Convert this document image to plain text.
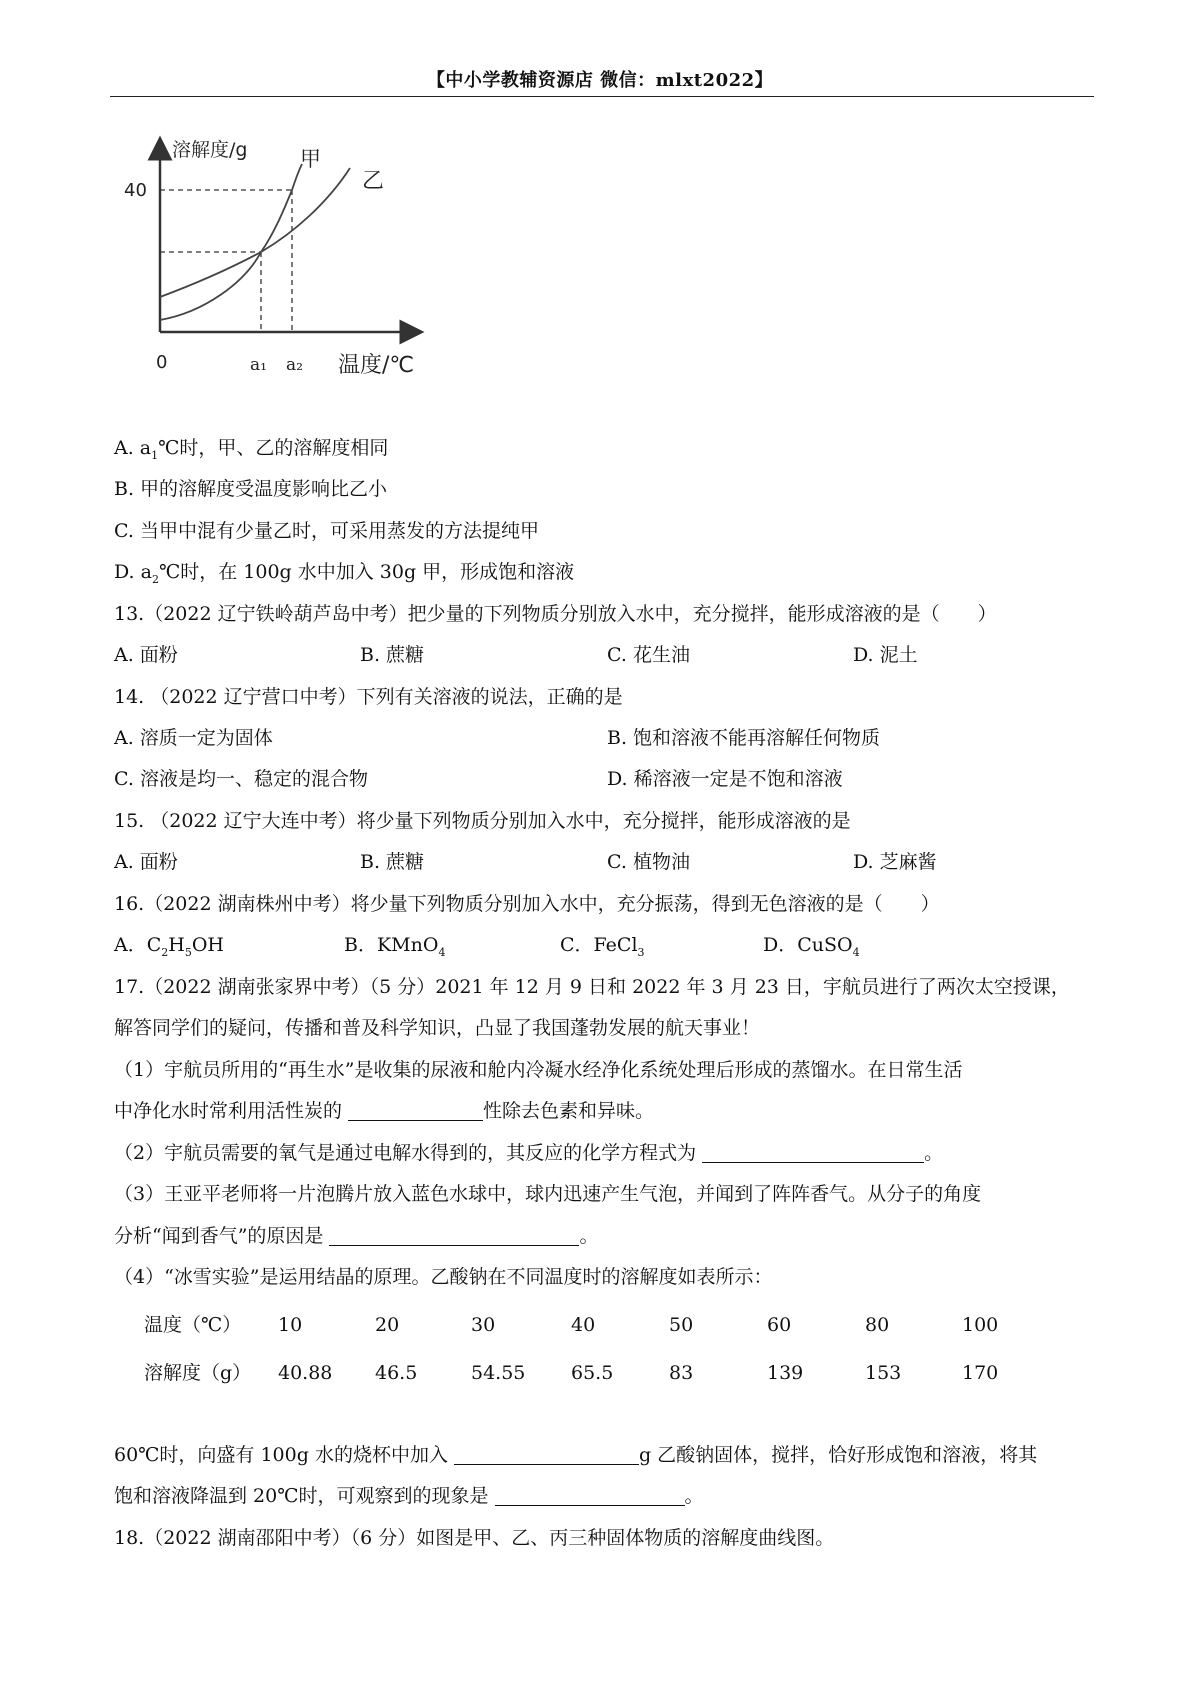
【中小学教辅资源店 微信：mlxt2022】
溶解度/g
40
0	a₁ a₂ 温度/℃
甲
乙
A. $a_1℃$时，甲、乙的溶解度相同
B. 甲的溶解度受温度影响比乙小
C. 当甲中混有少量乙时，可采用蒸发的方法提纯甲
D. $a_2℃$时，在 100g 水中加入 30g 甲，形成饱和溶液
13.（2022 辽宁铁岭葫芦岛中考）把少量的下列物质分别放入水中，充分搅拌，能形成溶液的是（　　）
A. 面粉	B. 蔗糖	C. 花生油	D. 泥土
14. （2022 辽宁营口中考）下列有关溶液的说法，正确的是
A. 溶质一定为固体	B. 饱和溶液不能再溶解任何物质
C. 溶液是均一、稳定的混合物	D. 稀溶液一定是不饱和溶液
15. （2022 辽宁大连中考）将少量下列物质分别加入水中，充分搅拌，能形成溶液的是
A. 面粉	B. 蔗糖	C. 植物油	D. 芝麻酱
16.（2022 湖南株州中考）将少量下列物质分别加入水中，充分振荡，得到无色溶液的是（　　）
A．$C_2H_5OH$	B．KMnO$_4$	C．FeCl$_3$	D．CuSO$_4$
17.（2022 湖南张家界中考）（5 分）2021 年 12 月 9 日和 2022 年 3 月 23 日，宇航员进行了两次太空授课，
解答同学们的疑问，传播和普及科学知识，凸显了我国蓬勃发展的航天事业！
（1）宇航员所用的“再生水”是收集的尿液和舱内冷凝水经净化系统处理后形成的蒸馏水。在日常生活
中净化水时常利用活性炭的	性除去色素和异味。
（2）宇航员需要的氧气是通过电解水得到的，其反应的化学方程式为	。
（3）王亚平老师将一片泡腾片放入蓝色水球中，球内迅速产生气泡，并闻到了阵阵香气。从分子的角度
分析“闻到香气”的原因是	。
（4）“冰雪实验”是运用结晶的原理。乙酸钠在不同温度时的溶解度如表所示：
温度（℃） 10	20	30	40	50	60	80	100
溶解度（g） 40.88 46.5	54.55 65.5	83	139	153	170
60℃时，向盛有 100g 水的烧杯中加入	g 乙酸钠固体，搅拌，恰好形成饱和溶液，将其
饱和溶液降温到 20℃时，可观察到的现象是	。
18.（2022 湖南邵阳中考）（6 分）如图是甲、乙、丙三种固体物质的溶解度曲线图。
